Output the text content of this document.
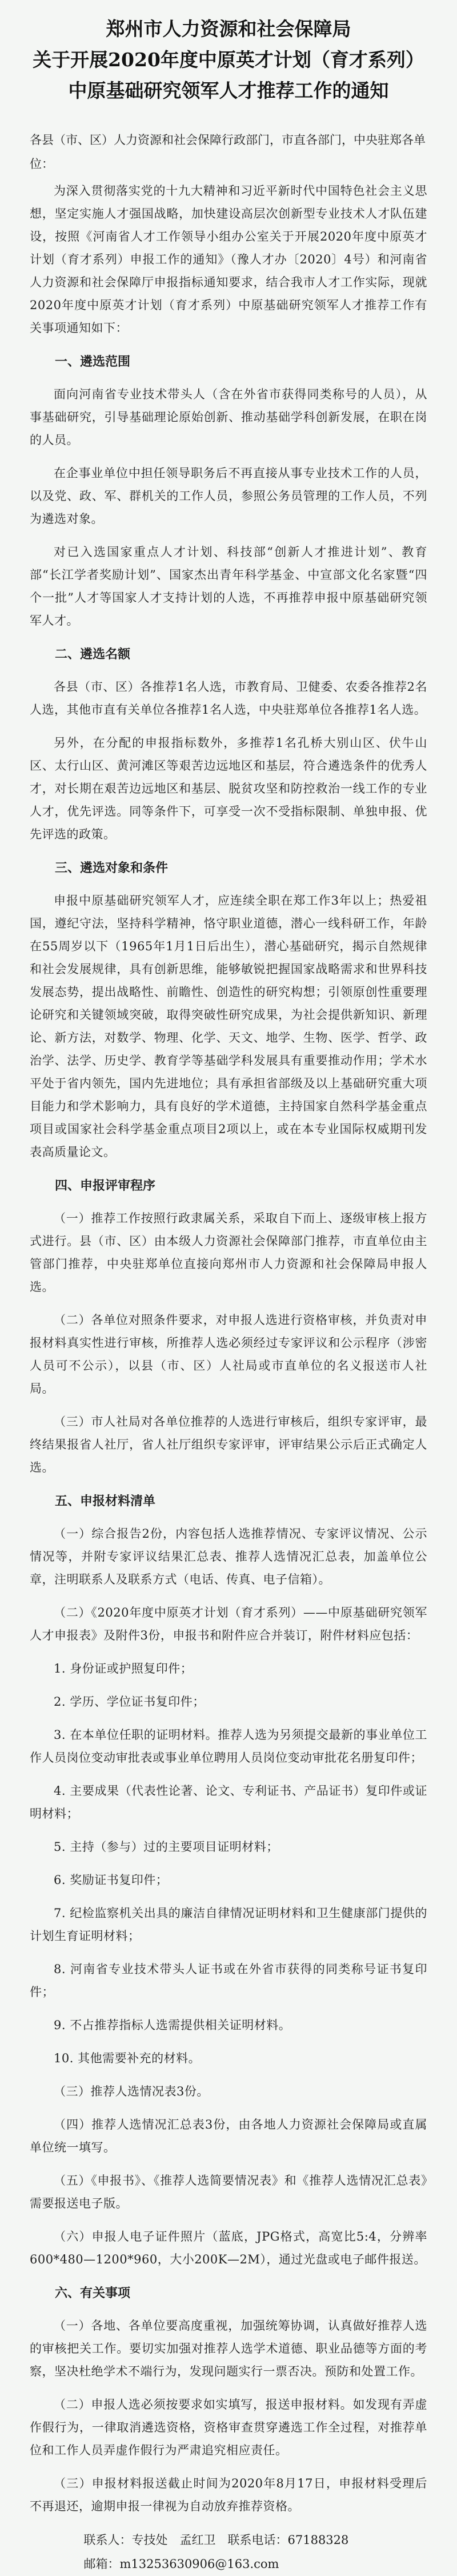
郑州市人力资源和社会保障局
关于开展2020年度中原英才计划（育才系列）
中原基础研究领军人才推荐工作的通知

各县（市、区）人力资源和社会保障行政部门，市直各部门，中央驻郑各单位：

为深入贯彻落实党的十九大精神和习近平新时代中国特色社会主义思想，坚定实施人才强国战略，加快建设高层次创新型专业技术人才队伍建设，按照《河南省人才工作领导小组办公室关于开展2020年度中原英才计划（育才系列）申报工作的通知》（豫人才办〔2020〕4号）和河南省人力资源和社会保障厅申报指标通知要求，结合我市人才工作实际，现就2020年度中原英才计划（育才系列）中原基础研究领军人才推荐工作有关事项通知如下：

一、遴选范围

面向河南省专业技术带头人（含在外省市获得同类称号的人员），从事基础研究，引导基础理论原始创新、推动基础学科创新发展，在职在岗的人员。

在企事业单位中担任领导职务后不再直接从事专业技术工作的人员，以及党、政、军、群机关的工作人员，参照公务员管理的工作人员，不列为遴选对象。

对已入选国家重点人才计划、科技部“创新人才推进计划”、教育部“长江学者奖励计划”、国家杰出青年科学基金、中宣部文化名家暨“四个一批”人才等国家人才支持计划的人选，不再推荐申报中原基础研究领军人才。

二、遴选名额

各县（市、区）各推荐1名人选，市教育局、卫健委、农委各推荐2名人选，其他市直有关单位各推荐1名人选，中央驻郑单位各推荐1名人选。

另外，在分配的申报指标数外，多推荐1名孔桥大别山区、伏牛山区、太行山区、黄河滩区等艰苦边远地区和基层，符合遴选条件的优秀人才，对长期在艰苦边远地区和基层、脱贫攻坚和防控救治一线工作的专业人才，优先评选。同等条件下，可享受一次不受指标限制、单独申报、优先评选的政策。

三、遴选对象和条件

申报中原基础研究领军人才，应连续全职在郑工作3年以上；热爱祖国，遵纪守法，坚持科学精神，恪守职业道德，潜心一线科研工作，年龄在55周岁以下（1965年1月1日后出生），潜心基础研究，揭示自然规律和社会发展规律，具有创新思维，能够敏锐把握国家战略需求和世界科技发展态势，提出战略性、前瞻性、创造性的研究构想；引领原创性重要理论研究和关键领域突破，取得突破性研究成果，为社会提供新知识、新理论、新方法，对数学、物理、化学、天文、地学、生物、医学、哲学、政治学、法学、历史学、教育学等基础学科发展具有重要推动作用；学术水平处于省内领先，国内先进地位；具有承担省部级及以上基础研究重大项目能力和学术影响力，具有良好的学术道德，主持国家自然科学基金重点项目或国家社会科学基金重点项目2项以上，或在本专业国际权威期刊发表高质量论文。

四、申报评审程序

（一）推荐工作按照行政隶属关系，采取自下而上、逐级审核上报方式进行。县（市、区）由本级人力资源社会保障部门推荐，市直单位由主管部门推荐，中央驻郑单位直接向郑州市人力资源和社会保障局申报人选。

（二）各单位对照条件要求，对申报人选进行资格审核，并负责对申报材料真实性进行审核，所推荐人选必须经过专家评议和公示程序（涉密人员可不公示），以县（市、区）人社局或市直单位的名义报送市人社局。

（三）市人社局对各单位推荐的人选进行审核后，组织专家评审，最终结果报省人社厅，省人社厅组织专家评审，评审结果公示后正式确定人选。

五、申报材料清单

（一）综合报告2份，内容包括人选推荐情况、专家评议情况、公示情况等，并附专家评议结果汇总表、推荐人选情况汇总表，加盖单位公章，注明联系人及联系方式（电话、传真、电子信箱）。

（二）《2020年度中原英才计划（育才系列）——中原基础研究领军人才申报表》及附件3份，申报书和附件应合并装订，附件材料应包括：

1. 身份证或护照复印件；

2. 学历、学位证书复印件；

3. 在本单位任职的证明材料。推荐人选为另须提交最新的事业单位工作人员岗位变动审批表或事业单位聘用人员岗位变动审批花名册复印件；

4. 主要成果（代表性论著、论文、专利证书、产品证书）复印件或证明材料；

5. 主持（参与）过的主要项目证明材料；

6. 奖励证书复印件；

7. 纪检监察机关出具的廉洁自律情况证明材料和卫生健康部门提供的计划生育证明材料；

8. 河南省专业技术带头人证书或在外省市获得的同类称号证书复印件；

9. 不占推荐指标人选需提供相关证明材料。

10. 其他需要补充的材料。

（三）推荐人选情况表3份。

（四）推荐人选情况汇总表3份，由各地人力资源社会保障局或直属单位统一填写。

（五）《申报书》、《推荐人选简要情况表》和《推荐人选情况汇总表》需要报送电子版。

（六）申报人电子证件照片（蓝底，JPG格式，高宽比5:4，分辨率600*480—1200*960，大小200K—2M），通过光盘或电子邮件报送。

六、有关事项

（一）各地、各单位要高度重视，加强统筹协调，认真做好推荐人选的审核把关工作。要切实加强对推荐人选学术道德、职业品德等方面的考察，坚决杜绝学术不端行为，发现问题实行一票否决。预防和处置工作。

（二）申报人选必须按要求如实填写，报送申报材料。如发现有弄虚作假行为，一律取消遴选资格，资格审查贯穿遴选工作全过程，对推荐单位和工作人员弄虚作假行为严肃追究相应责任。

（三）申报材料报送截止时间为2020年8月17日，申报材料受理后不再退还，逾期申报一律视为自动放弃推荐资格。

联系人：专技处　孟红卫　联系电话：67188328

邮箱：m13253630906@163.com
